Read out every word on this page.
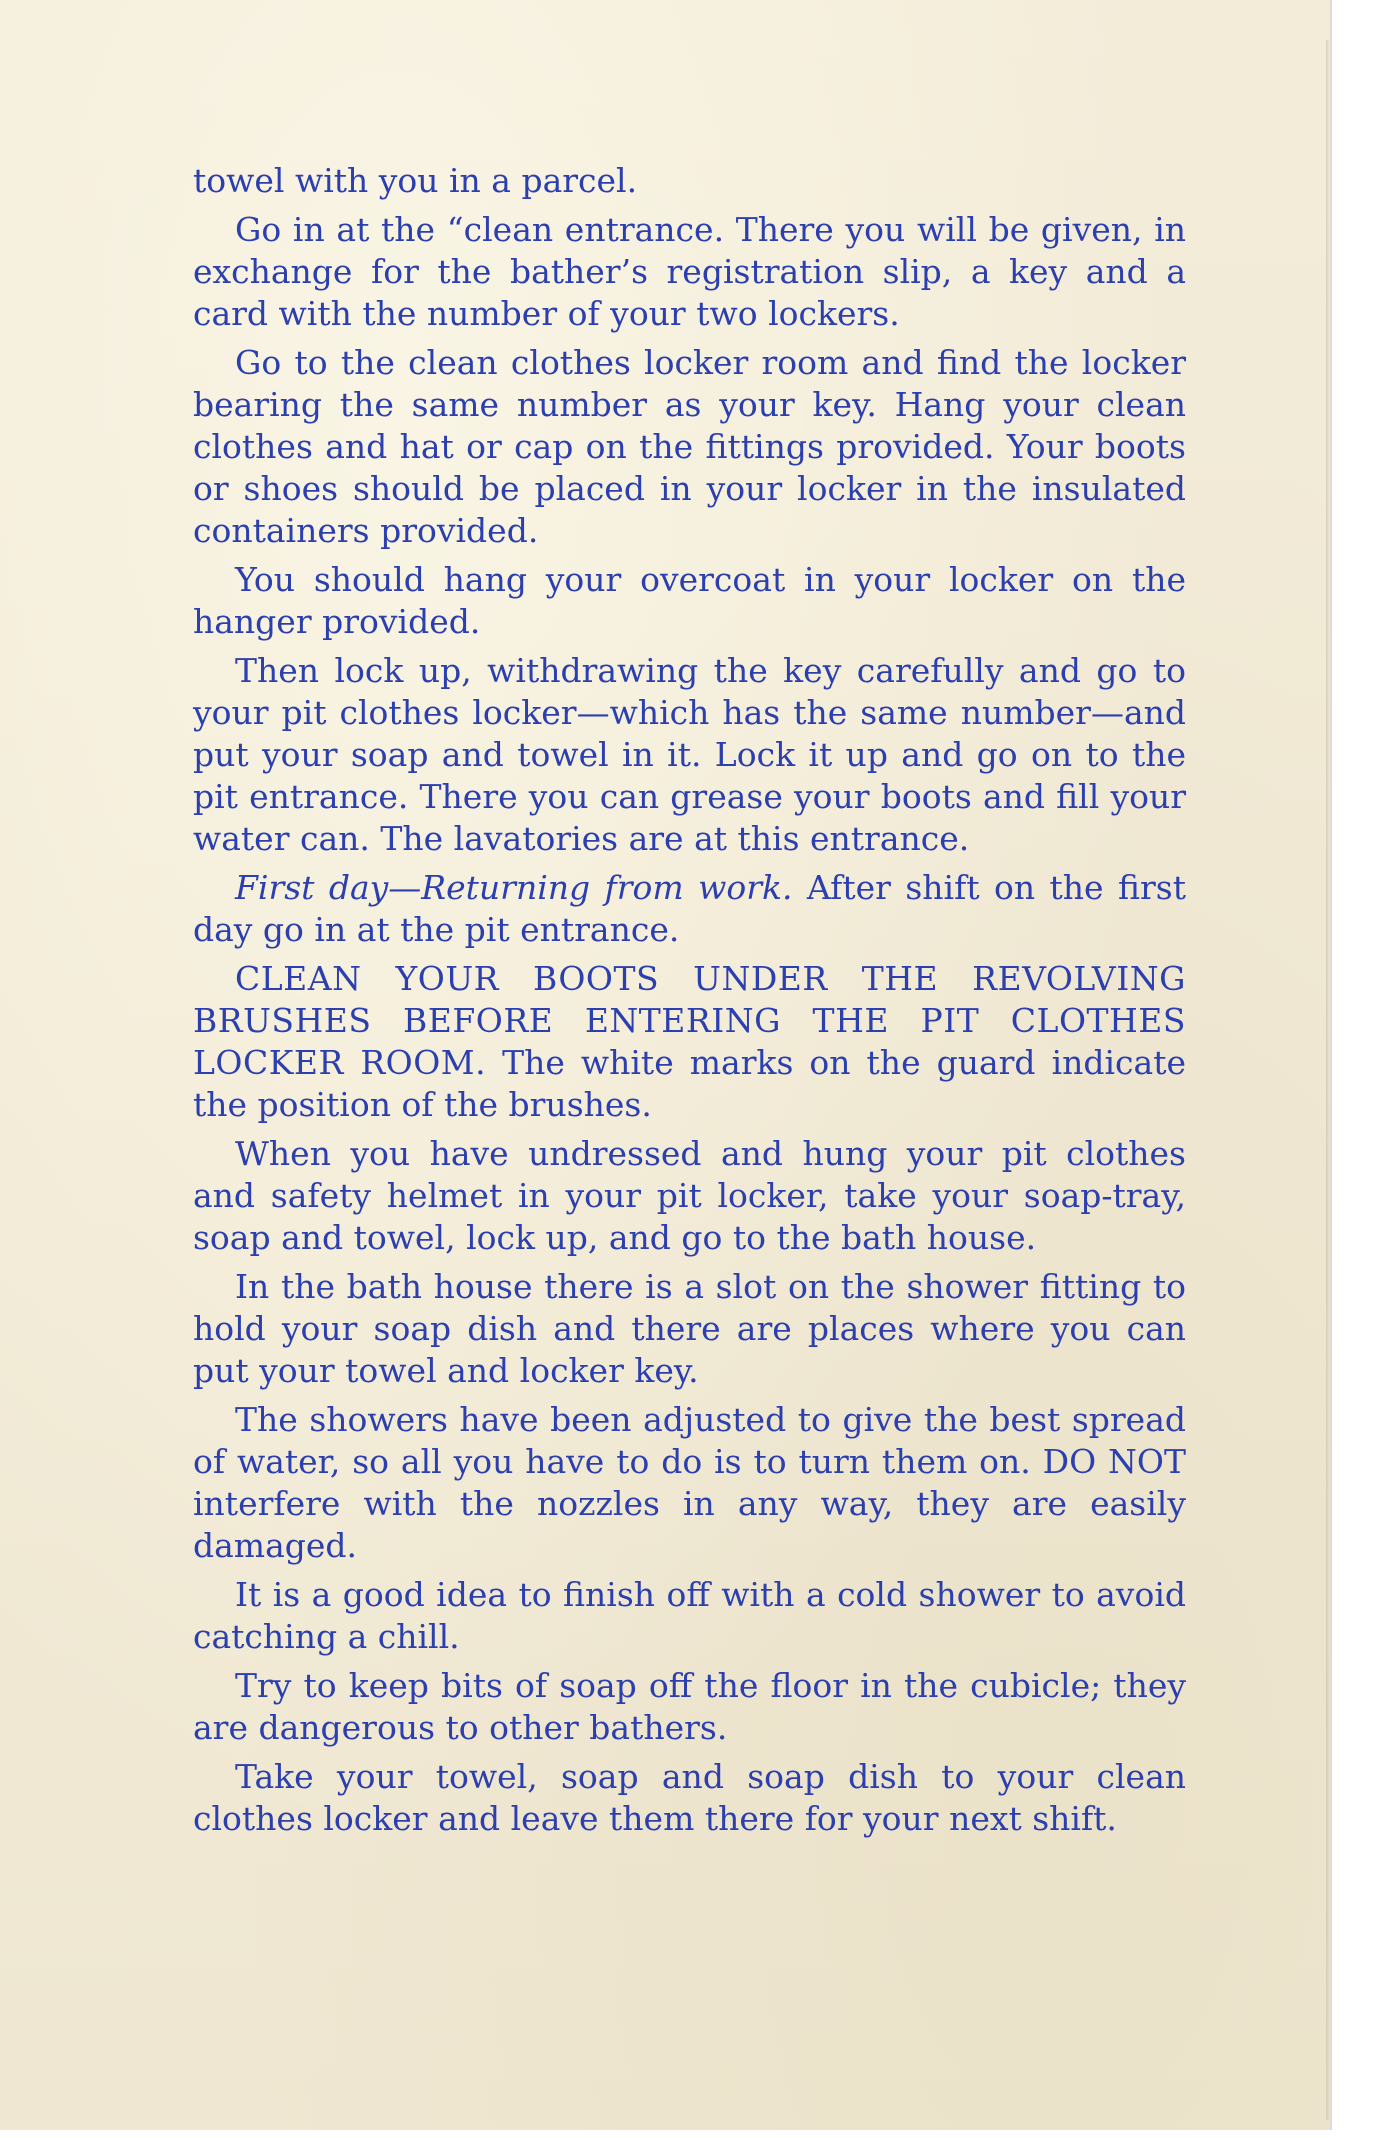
towel with you in a parcel.

Go in at the “clean entrance. There you will be given, in exchange for the bather’s registration slip, a key and a card with the number of your two lockers.

Go to the clean clothes locker room and find the locker bearing the same number as your key. Hang your clean clothes and hat or cap on the fittings provided. Your boots or shoes should be placed in your locker in the insulated containers provided.

You should hang your overcoat in your locker on the hanger provided.

Then lock up, withdrawing the key carefully and go to your pit clothes locker—which has the same number—and put your soap and towel in it. Lock it up and go on to the pit entrance. There you can grease your boots and fill your water can. The lavatories are at this entrance.

First day—Returning from work. After shift on the first day go in at the pit entrance.

CLEAN YOUR BOOTS UNDER THE REVOLVING BRUSHES BEFORE ENTERING THE PIT CLOTHES LOCKER ROOM. The white marks on the guard indicate the position of the brushes.

When you have undressed and hung your pit clothes and safety helmet in your pit locker, take your soap-tray, soap and towel, lock up, and go to the bath house.

In the bath house there is a slot on the shower fitting to hold your soap dish and there are places where you can put your towel and locker key.

The showers have been adjusted to give the best spread of water, so all you have to do is to turn them on. DO NOT interfere with the nozzles in any way, they are easily damaged.

It is a good idea to finish off with a cold shower to avoid catching a chill.

Try to keep bits of soap off the floor in the cubicle; they are dangerous to other bathers.

Take your towel, soap and soap dish to your clean clothes locker and leave them there for your next shift.
